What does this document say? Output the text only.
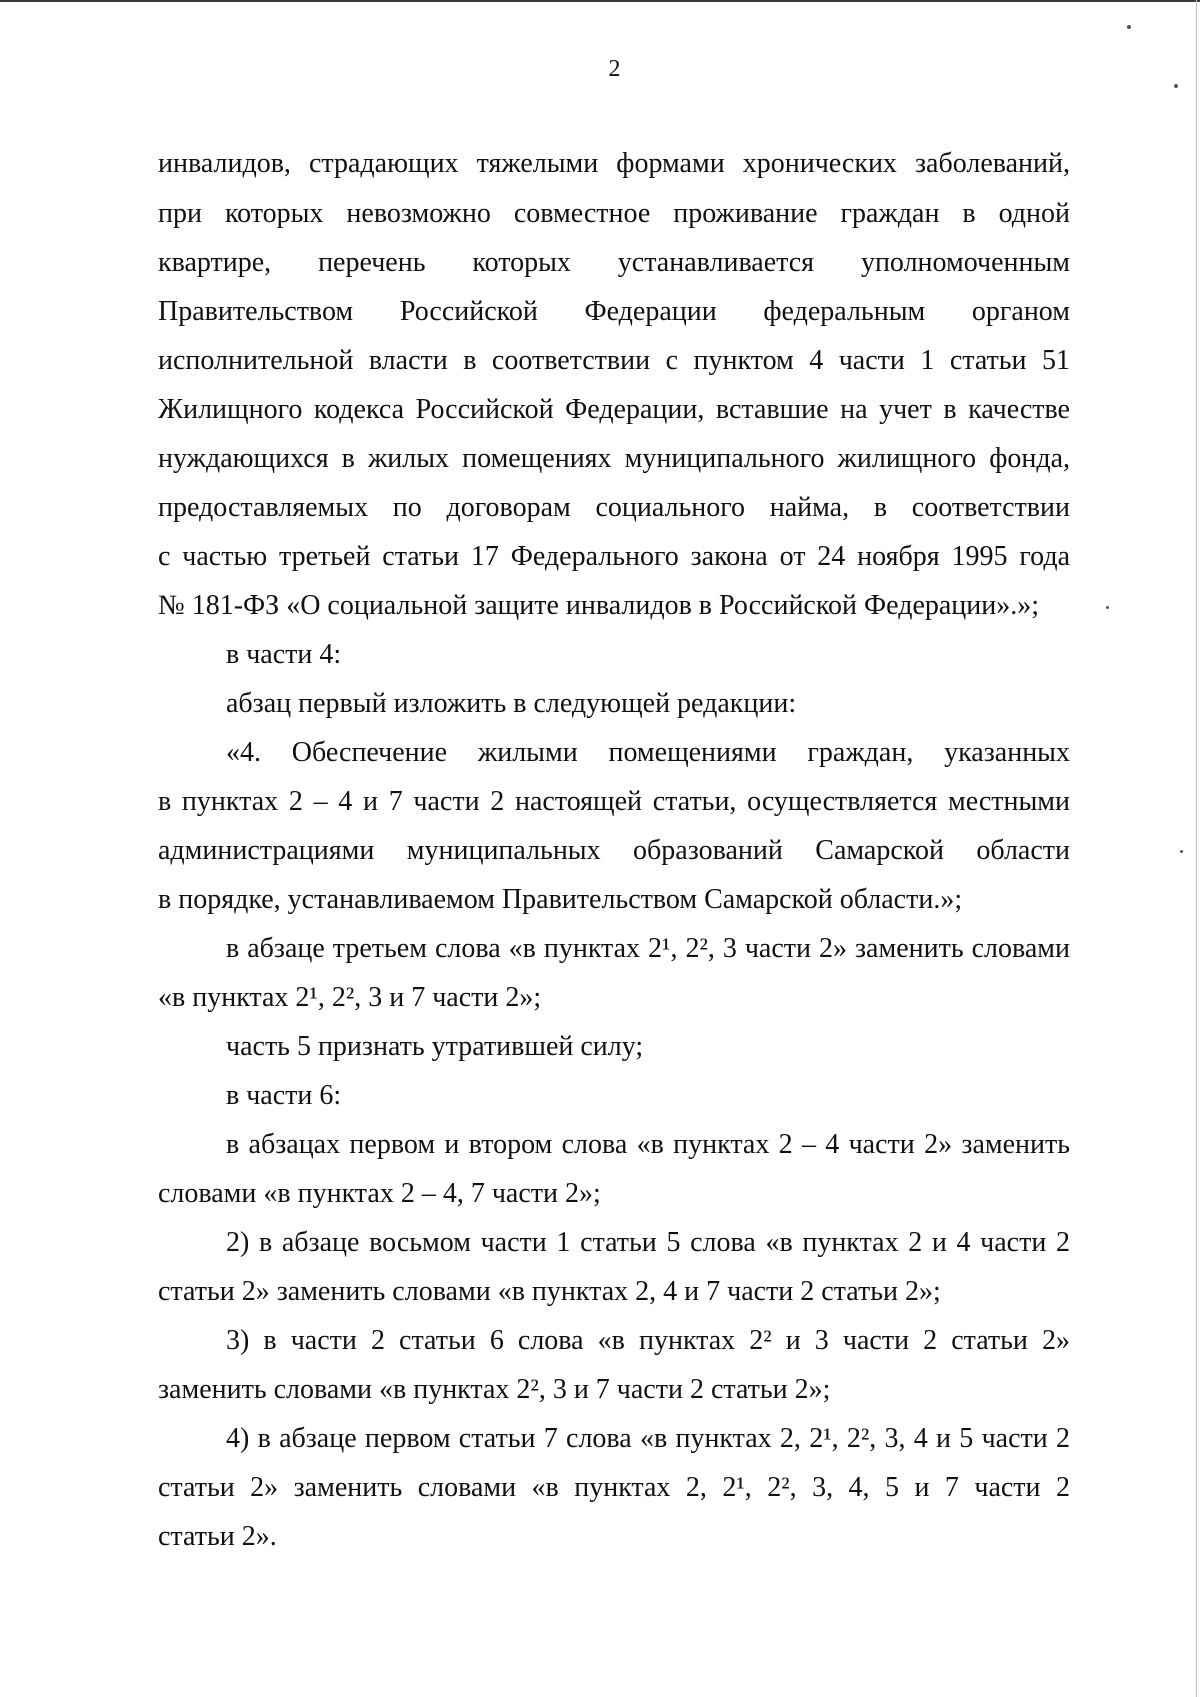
2
инвалидов, страдающих тяжелыми формами хронических заболеваний,
при которых невозможно совместное проживание граждан в одной
квартире, перечень которых устанавливается уполномоченным
Правительством Российской Федерации федеральным органом
исполнительной власти в соответствии с пунктом 4 части 1 статьи 51
Жилищного кодекса Российской Федерации, вставшие на учет в качестве
нуждающихся в жилых помещениях муниципального жилищного фонда,
предоставляемых по договорам социального найма, в соответствии
с частью третьей статьи 17 Федерального закона от 24 ноября 1995 года
№ 181-ФЗ «О социальной защите инвалидов в Российской Федерации».»;
в части 4:
абзац первый изложить в следующей редакции:
«4. Обеспечение жилыми помещениями граждан, указанных
в пунктах 2 – 4 и 7 части 2 настоящей статьи, осуществляется местными
администрациями муниципальных образований Самарской области
в порядке, устанавливаемом Правительством Самарской области.»;
в абзаце третьем слова «в пунктах 2¹, 2², 3 части 2» заменить словами
«в пунктах 2¹, 2², 3 и 7 части 2»;
часть 5 признать утратившей силу;
в части 6:
в абзацах первом и втором слова «в пунктах 2 – 4 части 2» заменить
словами «в пунктах 2 – 4, 7 части 2»;
2) в абзаце восьмом части 1 статьи 5 слова «в пунктах 2 и 4 части 2
статьи 2» заменить словами «в пунктах 2, 4 и 7 части 2 статьи 2»;
3) в части 2 статьи 6 слова «в пунктах 2² и 3 части 2 статьи 2»
заменить словами «в пунктах 2², 3 и 7 части 2 статьи 2»;
4) в абзаце первом статьи 7 слова «в пунктах 2, 2¹, 2², 3, 4 и 5 части 2
статьи 2» заменить словами «в пунктах 2, 2¹, 2², 3, 4, 5 и 7 части 2
статьи 2».
